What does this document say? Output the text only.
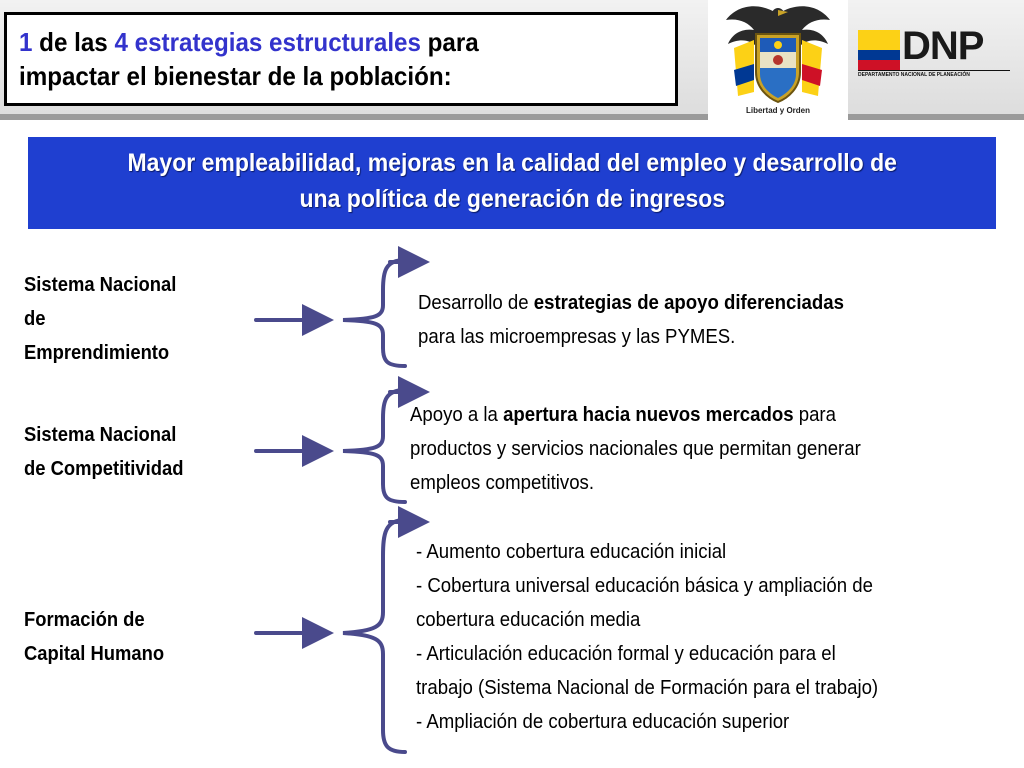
1 de las 4 estrategias estructurales para
impactar el bienestar de la población:
Libertad y Orden
DNP
DEPARTAMENTO NACIONAL DE PLANEACIÓN
Mayor empleabilidad, mejoras en la calidad del empleo y desarrollo de
una política de generación de ingresos
Sistema Nacional
de
Emprendimiento
Sistema Nacional
de Competitividad
Formación de
Capital Humano
Desarrollo de estrategias de apoyo diferenciadas
para las microempresas y las PYMES.
Apoyo a la apertura hacia nuevos mercados para
productos y servicios nacionales que permitan generar
empleos competitivos.
- Aumento cobertura educación inicial
- Cobertura universal educación básica y ampliación de
cobertura educación media
- Articulación educación formal y educación para el
trabajo (Sistema Nacional de Formación para el trabajo)
- Ampliación de cobertura educación superior
